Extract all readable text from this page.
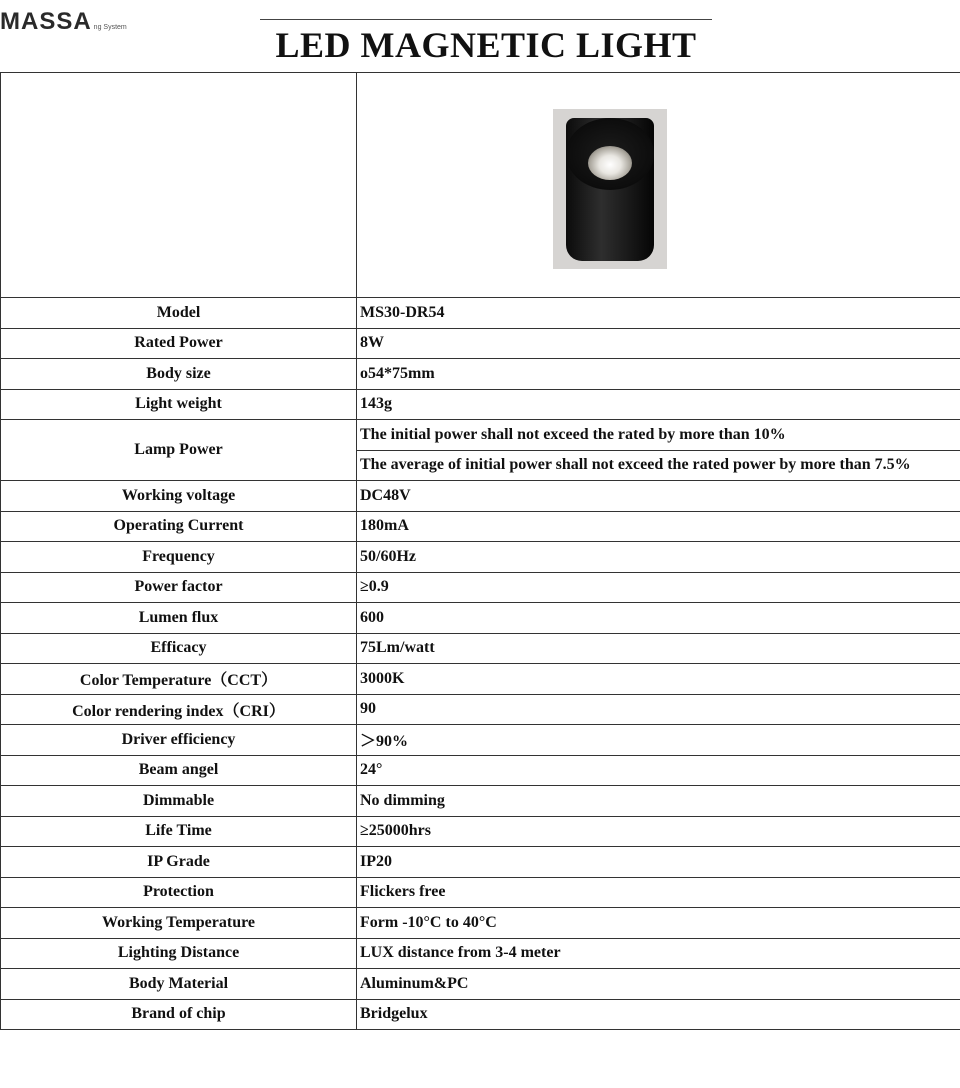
MASSA ng System	LED MAGNETIC LIGHT

Model	MS30-DR54
Rated Power	8W
Body size	o54*75mm
Light weight	143g
Lamp Power	The initial power shall not exceed the rated by more than 10%
	The average of initial power shall not exceed the rated power by more than 7.5%
Working voltage	DC48V
Operating Current	180mA
Frequency	50/60Hz
Power factor	≥0.9
Lumen flux	600
Efficacy	75Lm/watt
Color Temperature（CCT）	3000K
Color rendering index（CRI）	90
Driver efficiency	＞90%
Beam angel	24°
Dimmable	No dimming
Life Time	≥25000hrs
IP Grade	IP20
Protection	Flickers free
Working Temperature	Form -10°C to 40°C
Lighting Distance	LUX distance from 3-4 meter
Body Material	Aluminum&PC
Brand of chip	Bridgelux
